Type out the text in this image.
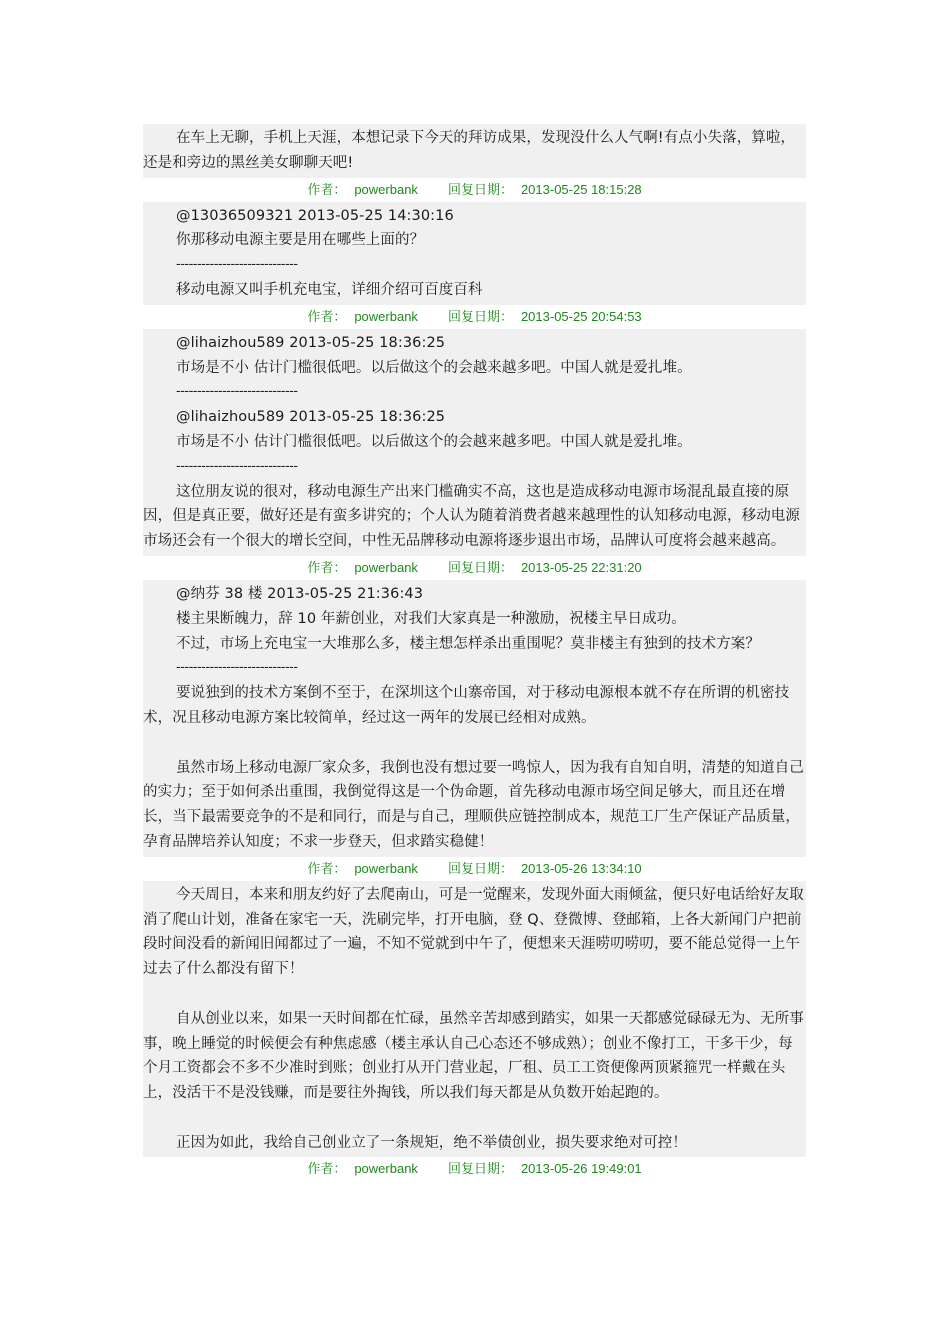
在车上无聊，手机上天涯，本想记录下今天的拜访成果，发现没什么人气啊!有点小失落，算啦，还是和旁边的黑丝美女聊聊天吧!

作者： powerbank 回复日期： 2013-05-25 18:15:28

@13036509321 2013-05-25 14:30:16

你那移动电源主要是用在哪些上面的？

-----------------------------

移动电源又叫手机充电宝，详细介绍可百度百科

作者： powerbank 回复日期： 2013-05-25 20:54:53

@lihaizhou589 2013-05-25 18:36:25

市场是不小 估计门槛很低吧。以后做这个的会越来越多吧。中国人就是爱扎堆。

-----------------------------

@lihaizhou589 2013-05-25 18:36:25

市场是不小 估计门槛很低吧。以后做这个的会越来越多吧。中国人就是爱扎堆。

-----------------------------

这位朋友说的很对，移动电源生产出来门槛确实不高，这也是造成移动电源市场混乱最直接的原因，但是真正要，做好还是有蛮多讲究的；个人认为随着消费者越来越理性的认知移动电源，移动电源市场还会有一个很大的增长空间，中性无品牌移动电源将逐步退出市场，品牌认可度将会越来越高。

作者： powerbank 回复日期： 2013-05-25 22:31:20

@纳芬 38 楼 2013-05-25 21:36:43

楼主果断魄力，辞 10 年薪创业，对我们大家真是一种激励，祝楼主早日成功。

不过，市场上充电宝一大堆那么多，楼主想怎样杀出重围呢？莫非楼主有独到的技术方案？

-----------------------------

要说独到的技术方案倒不至于，在深圳这个山寨帝国，对于移动电源根本就不存在所谓的机密技术，况且移动电源方案比较简单，经过这一两年的发展已经相对成熟。

虽然市场上移动电源厂家众多，我倒也没有想过要一鸣惊人，因为我有自知自明，清楚的知道自己的实力；至于如何杀出重围，我倒觉得这是一个伪命题，首先移动电源市场空间足够大，而且还在增长，当下最需要竞争的不是和同行，而是与自己，理顺供应链控制成本，规范工厂生产保证产品质量，孕育品牌培养认知度；不求一步登天，但求踏实稳健！

作者： powerbank 回复日期： 2013-05-26 13:34:10

今天周日，本来和朋友约好了去爬南山，可是一觉醒来，发现外面大雨倾盆，便只好电话给好友取消了爬山计划，准备在家宅一天，洗刷完毕，打开电脑，登 Q、登微博、登邮箱，上各大新闻门户把前段时间没看的新闻旧闻都过了一遍，不知不觉就到中午了，便想来天涯唠叨唠叨，要不能总觉得一上午过去了什么都没有留下！

自从创业以来，如果一天时间都在忙碌，虽然辛苦却感到踏实，如果一天都感觉碌碌无为、无所事事，晚上睡觉的时候便会有种焦虑感（楼主承认自己心态还不够成熟）；创业不像打工，干多干少，每个月工资都会不多不少准时到账；创业打从开门营业起，厂租、员工工资便像两顶紧箍咒一样戴在头上，没活干不是没钱赚，而是要往外掏钱，所以我们每天都是从负数开始起跑的。

正因为如此，我给自己创业立了一条规矩，绝不举债创业，损失要求绝对可控！

作者： powerbank 回复日期： 2013-05-26 19:49:01
